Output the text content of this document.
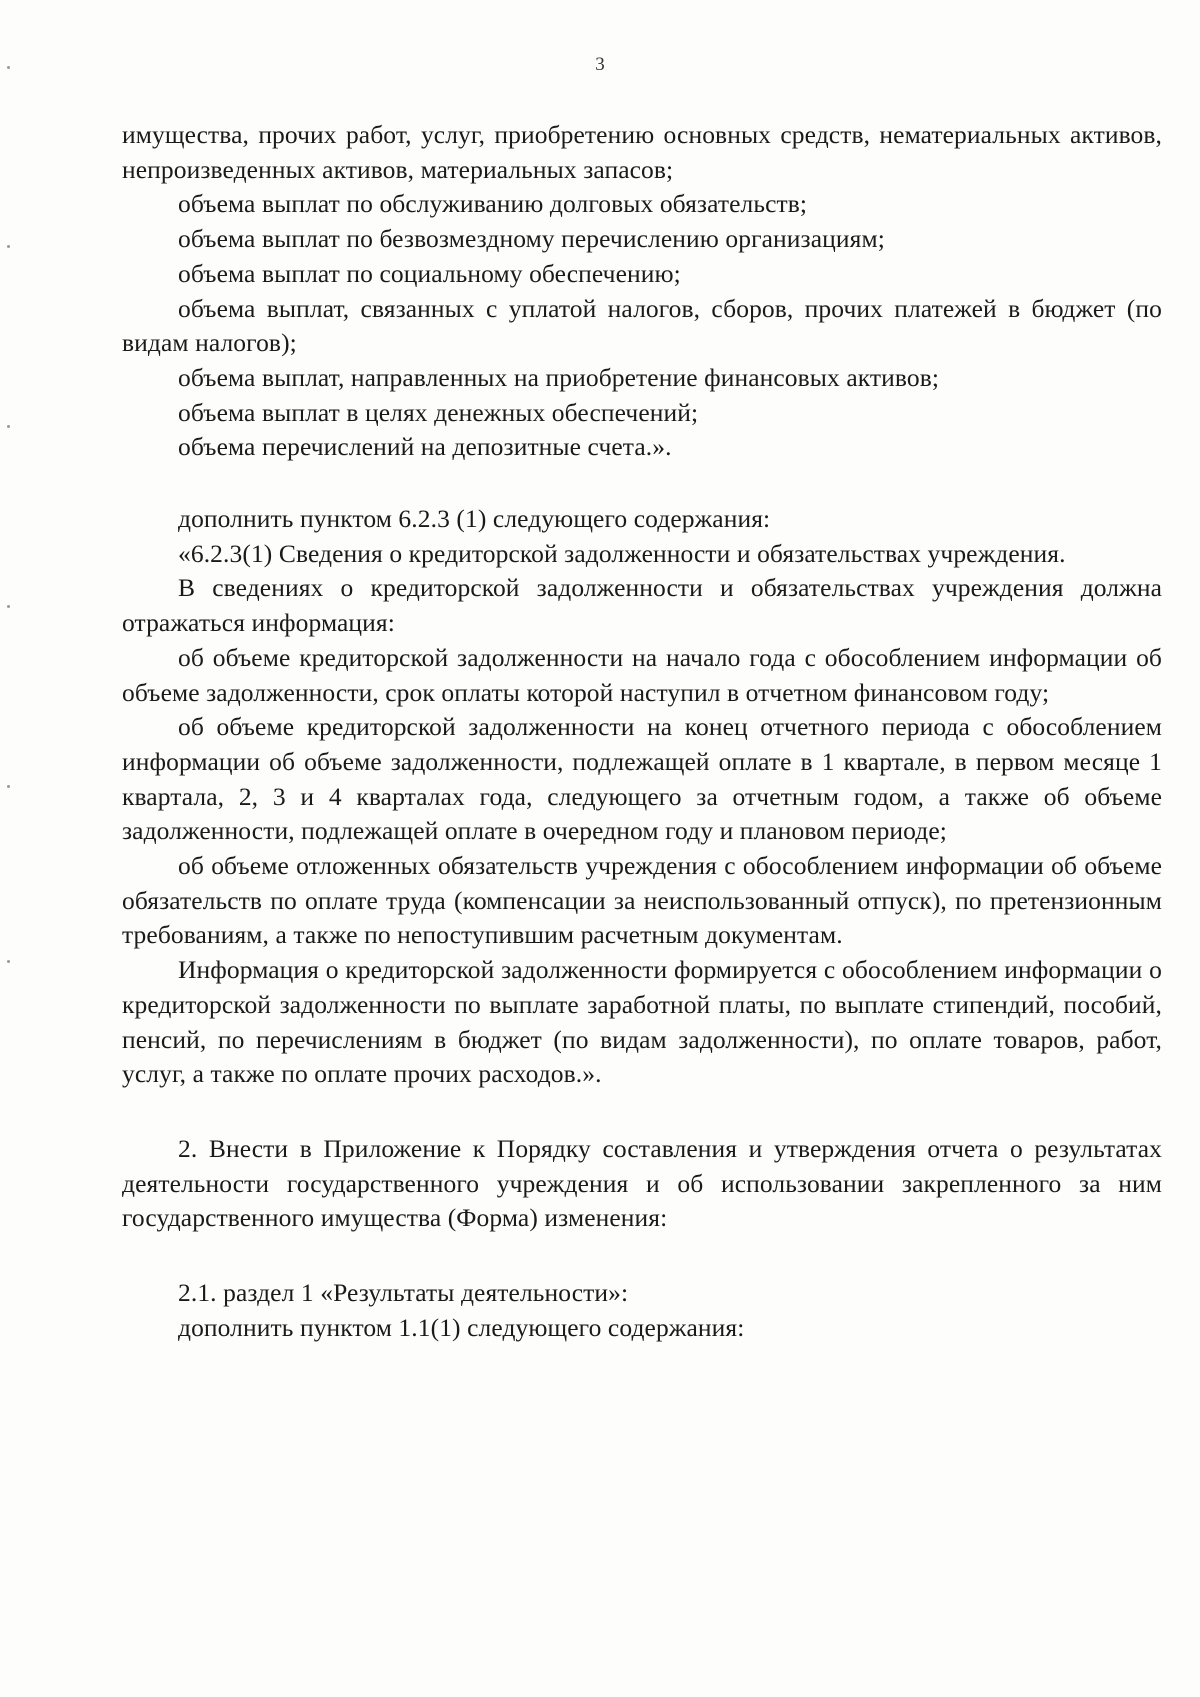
3

имущества, прочих работ, услуг, приобретению основных средств, нематериальных активов, непроизведенных активов, материальных запасов;

объема выплат по обслуживанию долговых обязательств;

объема выплат по безвозмездному перечислению организациям;

объема выплат по социальному обеспечению;

объема выплат, связанных с уплатой налогов, сборов, прочих платежей в бюджет (по видам налогов);

объема выплат, направленных на приобретение финансовых активов;

объема выплат в целях денежных обеспечений;

объема перечислений на депозитные счета.».

дополнить пунктом 6.2.3 (1) следующего содержания:

«6.2.3(1) Сведения о кредиторской задолженности и обязательствах учреждения.

В сведениях о кредиторской задолженности и обязательствах учреждения должна отражаться информация:

об объеме кредиторской задолженности на начало года с обособлением информации об объеме задолженности, срок оплаты которой наступил в отчетном финансовом году;

об объеме кредиторской задолженности на конец отчетного периода с обособлением информации об объеме задолженности, подлежащей оплате в 1 квартале, в первом месяце 1 квартала, 2, 3 и 4 кварталах года, следующего за отчетным годом, а также об объеме задолженности, подлежащей оплате в очередном году и плановом периоде;

об объеме отложенных обязательств учреждения с обособлением информации об объеме обязательств по оплате труда (компенсации за неиспользованный отпуск), по претензионным требованиям, а также по непоступившим расчетным документам.

Информация о кредиторской задолженности формируется с обособлением информации о кредиторской задолженности по выплате заработной платы, по выплате стипендий, пособий, пенсий, по перечислениям в бюджет (по видам задолженности), по оплате товаров, работ, услуг, а также по оплате прочих расходов.».

2. Внести в Приложение к Порядку составления и утверждения отчета о результатах деятельности государственного учреждения и об использовании закрепленного за ним государственного имущества (Форма) изменения:

2.1. раздел 1 «Результаты деятельности»:

дополнить пунктом 1.1(1) следующего содержания:
